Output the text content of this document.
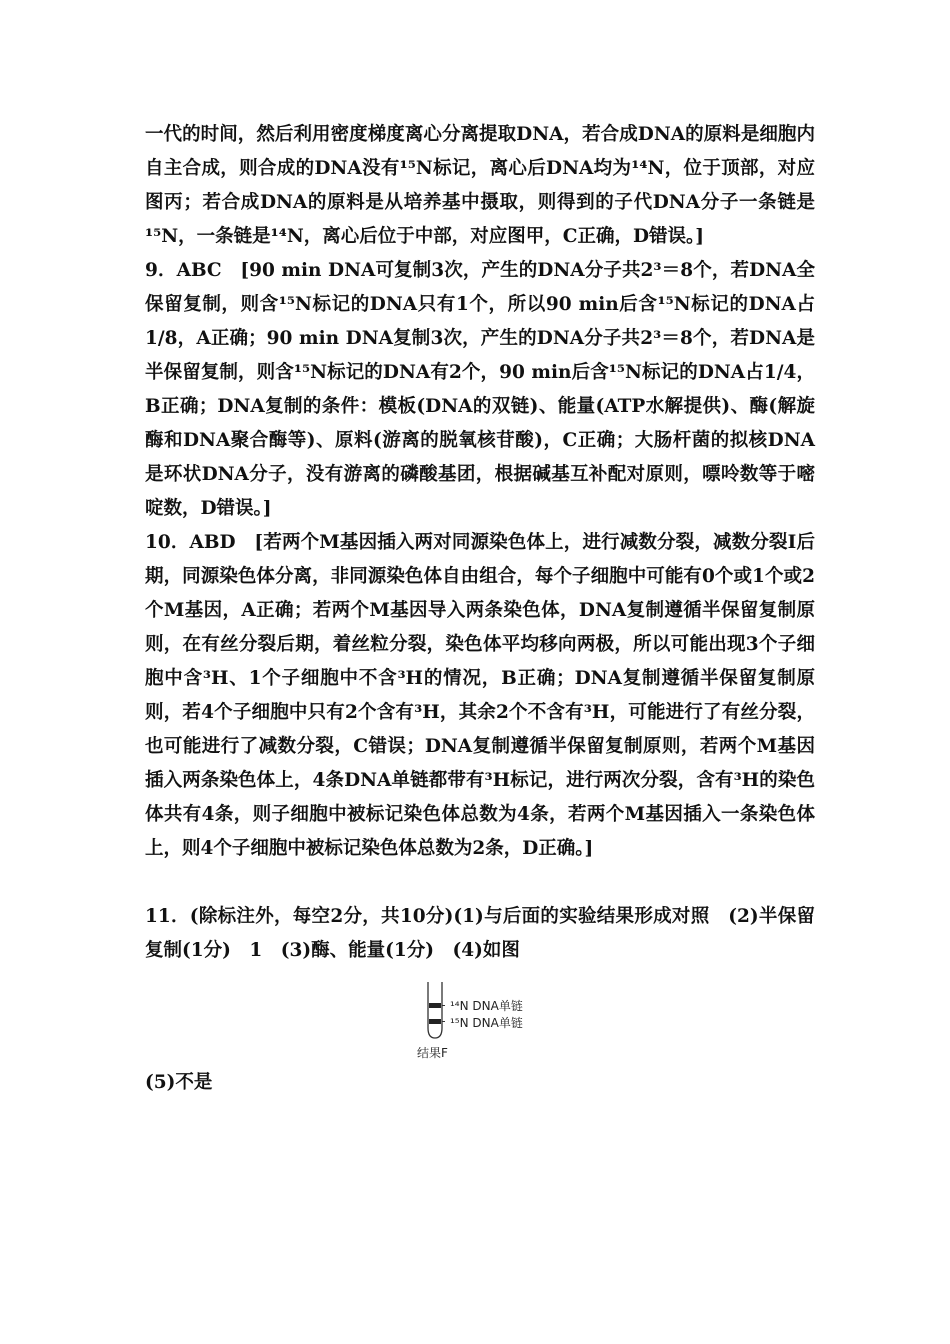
一代的时间，然后利用密度梯度离心分离提取DNA，若合成DNA的原料是细胞内自主合成，则合成的DNA没有¹⁵N标记，离心后DNA均为¹⁴N，位于顶部，对应图丙；若合成DNA的原料是从培养基中摄取，则得到的子代DNA分子一条链是¹⁵N，一条链是¹⁴N，离心后位于中部，对应图甲，C正确，D错误。]

9．ABC　[90 min DNA可复制3次，产生的DNA分子共2³＝8个，若DNA全保留复制，则含¹⁵N标记的DNA只有1个，所以90 min后含¹⁵N标记的DNA占1/8，A正确；90 min DNA复制3次，产生的DNA分子共2³＝8个，若DNA是半保留复制，则含¹⁵N标记的DNA有2个，90 min后含¹⁵N标记的DNA占1/4，B正确；DNA复制的条件：模板(DNA的双链)、能量(ATP水解提供)、酶(解旋酶和DNA聚合酶等)、原料(游离的脱氧核苷酸)，C正确；大肠杆菌的拟核DNA是环状DNA分子，没有游离的磷酸基团，根据碱基互补配对原则，嘌呤数等于嘧啶数，D错误。]

10．ABD　[若两个M基因插入两对同源染色体上，进行减数分裂，减数分裂Ⅰ后期，同源染色体分离，非同源染色体自由组合，每个子细胞中可能有0个或1个或2个M基因，A正确；若两个M基因导入两条染色体，DNA复制遵循半保留复制原则，在有丝分裂后期，着丝粒分裂，染色体平均移向两极，所以可能出现3个子细胞中含³H、1个子细胞中不含³H的情况，B正确；DNA复制遵循半保留复制原则，若4个子细胞中只有2个含有³H，其余2个不含有³H，可能进行了有丝分裂，也可能进行了减数分裂，C错误；DNA复制遵循半保留复制原则，若两个M基因插入两条染色体上，4条DNA单链都带有³H标记，进行两次分裂，含有³H的染色体共有4条，则子细胞中被标记染色体总数为4条，若两个M基因插入一条染色体上，则4个子细胞中被标记染色体总数为2条，D正确。]

11．(除标注外，每空2分，共10分)(1)与后面的实验结果形成对照　(2)半保留复制(1分)　1　(3)酶、能量(1分)　(4)如图

¹⁴N DNA单链
¹⁵N DNA单链
结果F

(5)不是
